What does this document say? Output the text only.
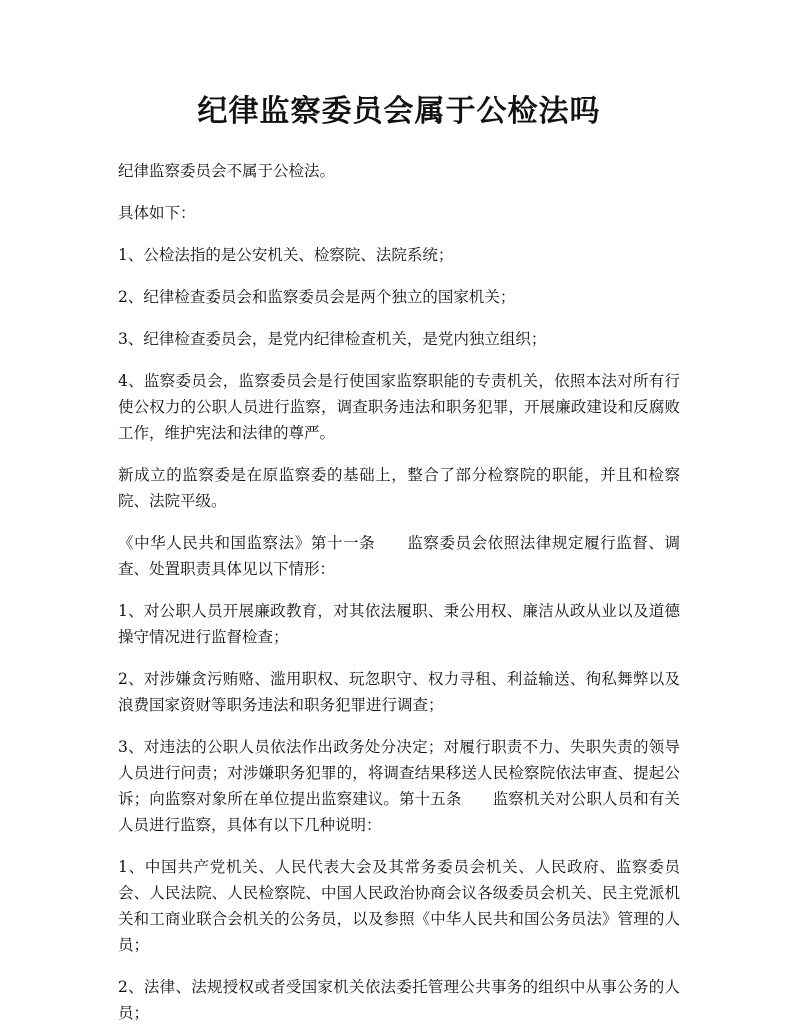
纪律监察委员会属于公检法吗

纪律监察委员会不属于公检法。

具体如下：

1、公检法指的是公安机关、检察院、法院系统；

2、纪律检查委员会和监察委员会是两个独立的国家机关；

3、纪律检查委员会，是党内纪律检查机关，是党内独立组织；

4、监察委员会，监察委员会是行使国家监察职能的专责机关，依照本法对所有行使公权力的公职人员进行监察，调查职务违法和职务犯罪，开展廉政建设和反腐败工作，维护宪法和法律的尊严。

新成立的监察委是在原监察委的基础上，整合了部分检察院的职能，并且和检察院、法院平级。

《中华人民共和国监察法》第十一条　　监察委员会依照法律规定履行监督、调查、处置职责具体见以下情形：

1、对公职人员开展廉政教育，对其依法履职、秉公用权、廉洁从政从业以及道德操守情况进行监督检查；

2、对涉嫌贪污贿赂、滥用职权、玩忽职守、权力寻租、利益输送、徇私舞弊以及浪费国家资财等职务违法和职务犯罪进行调查；

3、对违法的公职人员依法作出政务处分决定；对履行职责不力、失职失责的领导人员进行问责；对涉嫌职务犯罪的，将调查结果移送人民检察院依法审查、提起公诉；向监察对象所在单位提出监察建议。第十五条　　监察机关对公职人员和有关人员进行监察，具体有以下几种说明：

1、中国共产党机关、人民代表大会及其常务委员会机关、人民政府、监察委员会、人民法院、人民检察院、中国人民政治协商会议各级委员会机关、民主党派机关和工商业联合会机关的公务员，以及参照《中华人民共和国公务员法》管理的人员；

2、法律、法规授权或者受国家机关依法委托管理公共事务的组织中从事公务的人员；
